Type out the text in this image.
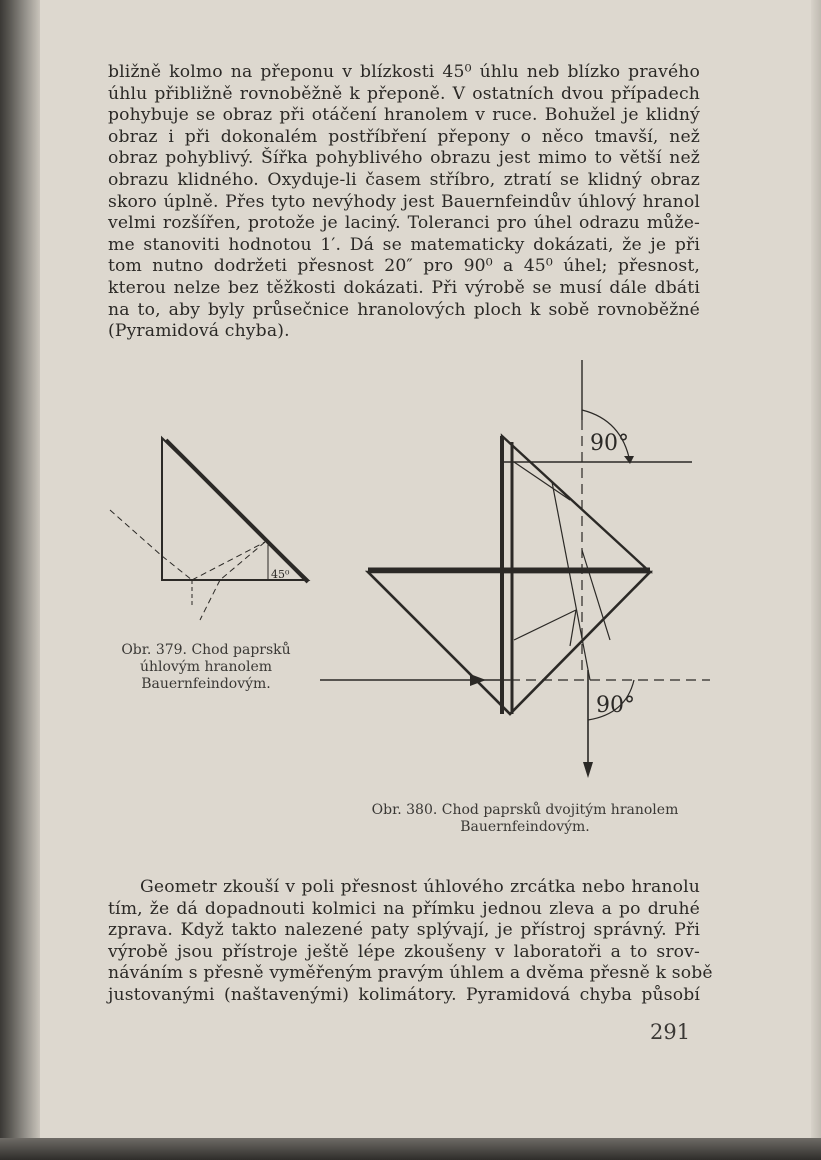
bližně kolmo na přeponu v blízkosti 45⁰ úhlu neb blízko pravého
úhlu přibližně rovnoběžně k přeponě. V ostatních dvou případech
pohybuje se obraz při otáčení hranolem v ruce. Bohužel je klidný
obraz i při dokonalém postříbření přepony o něco tmavší, než
obraz pohyblivý. Šířka pohyblivého obrazu jest mimo to větší než
obrazu klidného. Oxyduje-li časem stříbro, ztratí se klidný obraz
skoro úplně. Přes tyto nevýhody jest Bauernfeindův úhlový hranol
velmi rozšířen, protože je laciný. Toleranci pro úhel odrazu může-
me stanoviti hodnotou 1′. Dá se matematicky dokázati, že je při
tom nutno dodržeti přesnost 20″ pro 90⁰ a 45⁰ úhel; přesnost,
kterou nelze bez těžkosti dokázati. Při výrobě se musí dále dbáti
na to, aby byly průsečnice hranolových ploch k sobě rovnoběžné
(Pyramidová chyba).
45⁰
Obr. 379. Chod paprsků
úhlovým hranolem
Bauernfeindovým.
90°
90°
Obr. 380. Chod paprsků dvojitým hranolem
Bauernfeindovým.
Geometr zkouší v poli přesnost úhlového zrcátka nebo hranolu
tím, že dá dopadnouti kolmici na přímku jednou zleva a po druhé
zprava. Když takto nalezené paty splývají, je přístroj správný. Při
výrobě jsou přístroje ještě lépe zkoušeny v laboratoři a to srov-
náváním s přesně vyměřeným pravým úhlem a dvěma přesně k sobě
justovanými (naštavenými) kolimátory. Pyramidová chyba působí
291
